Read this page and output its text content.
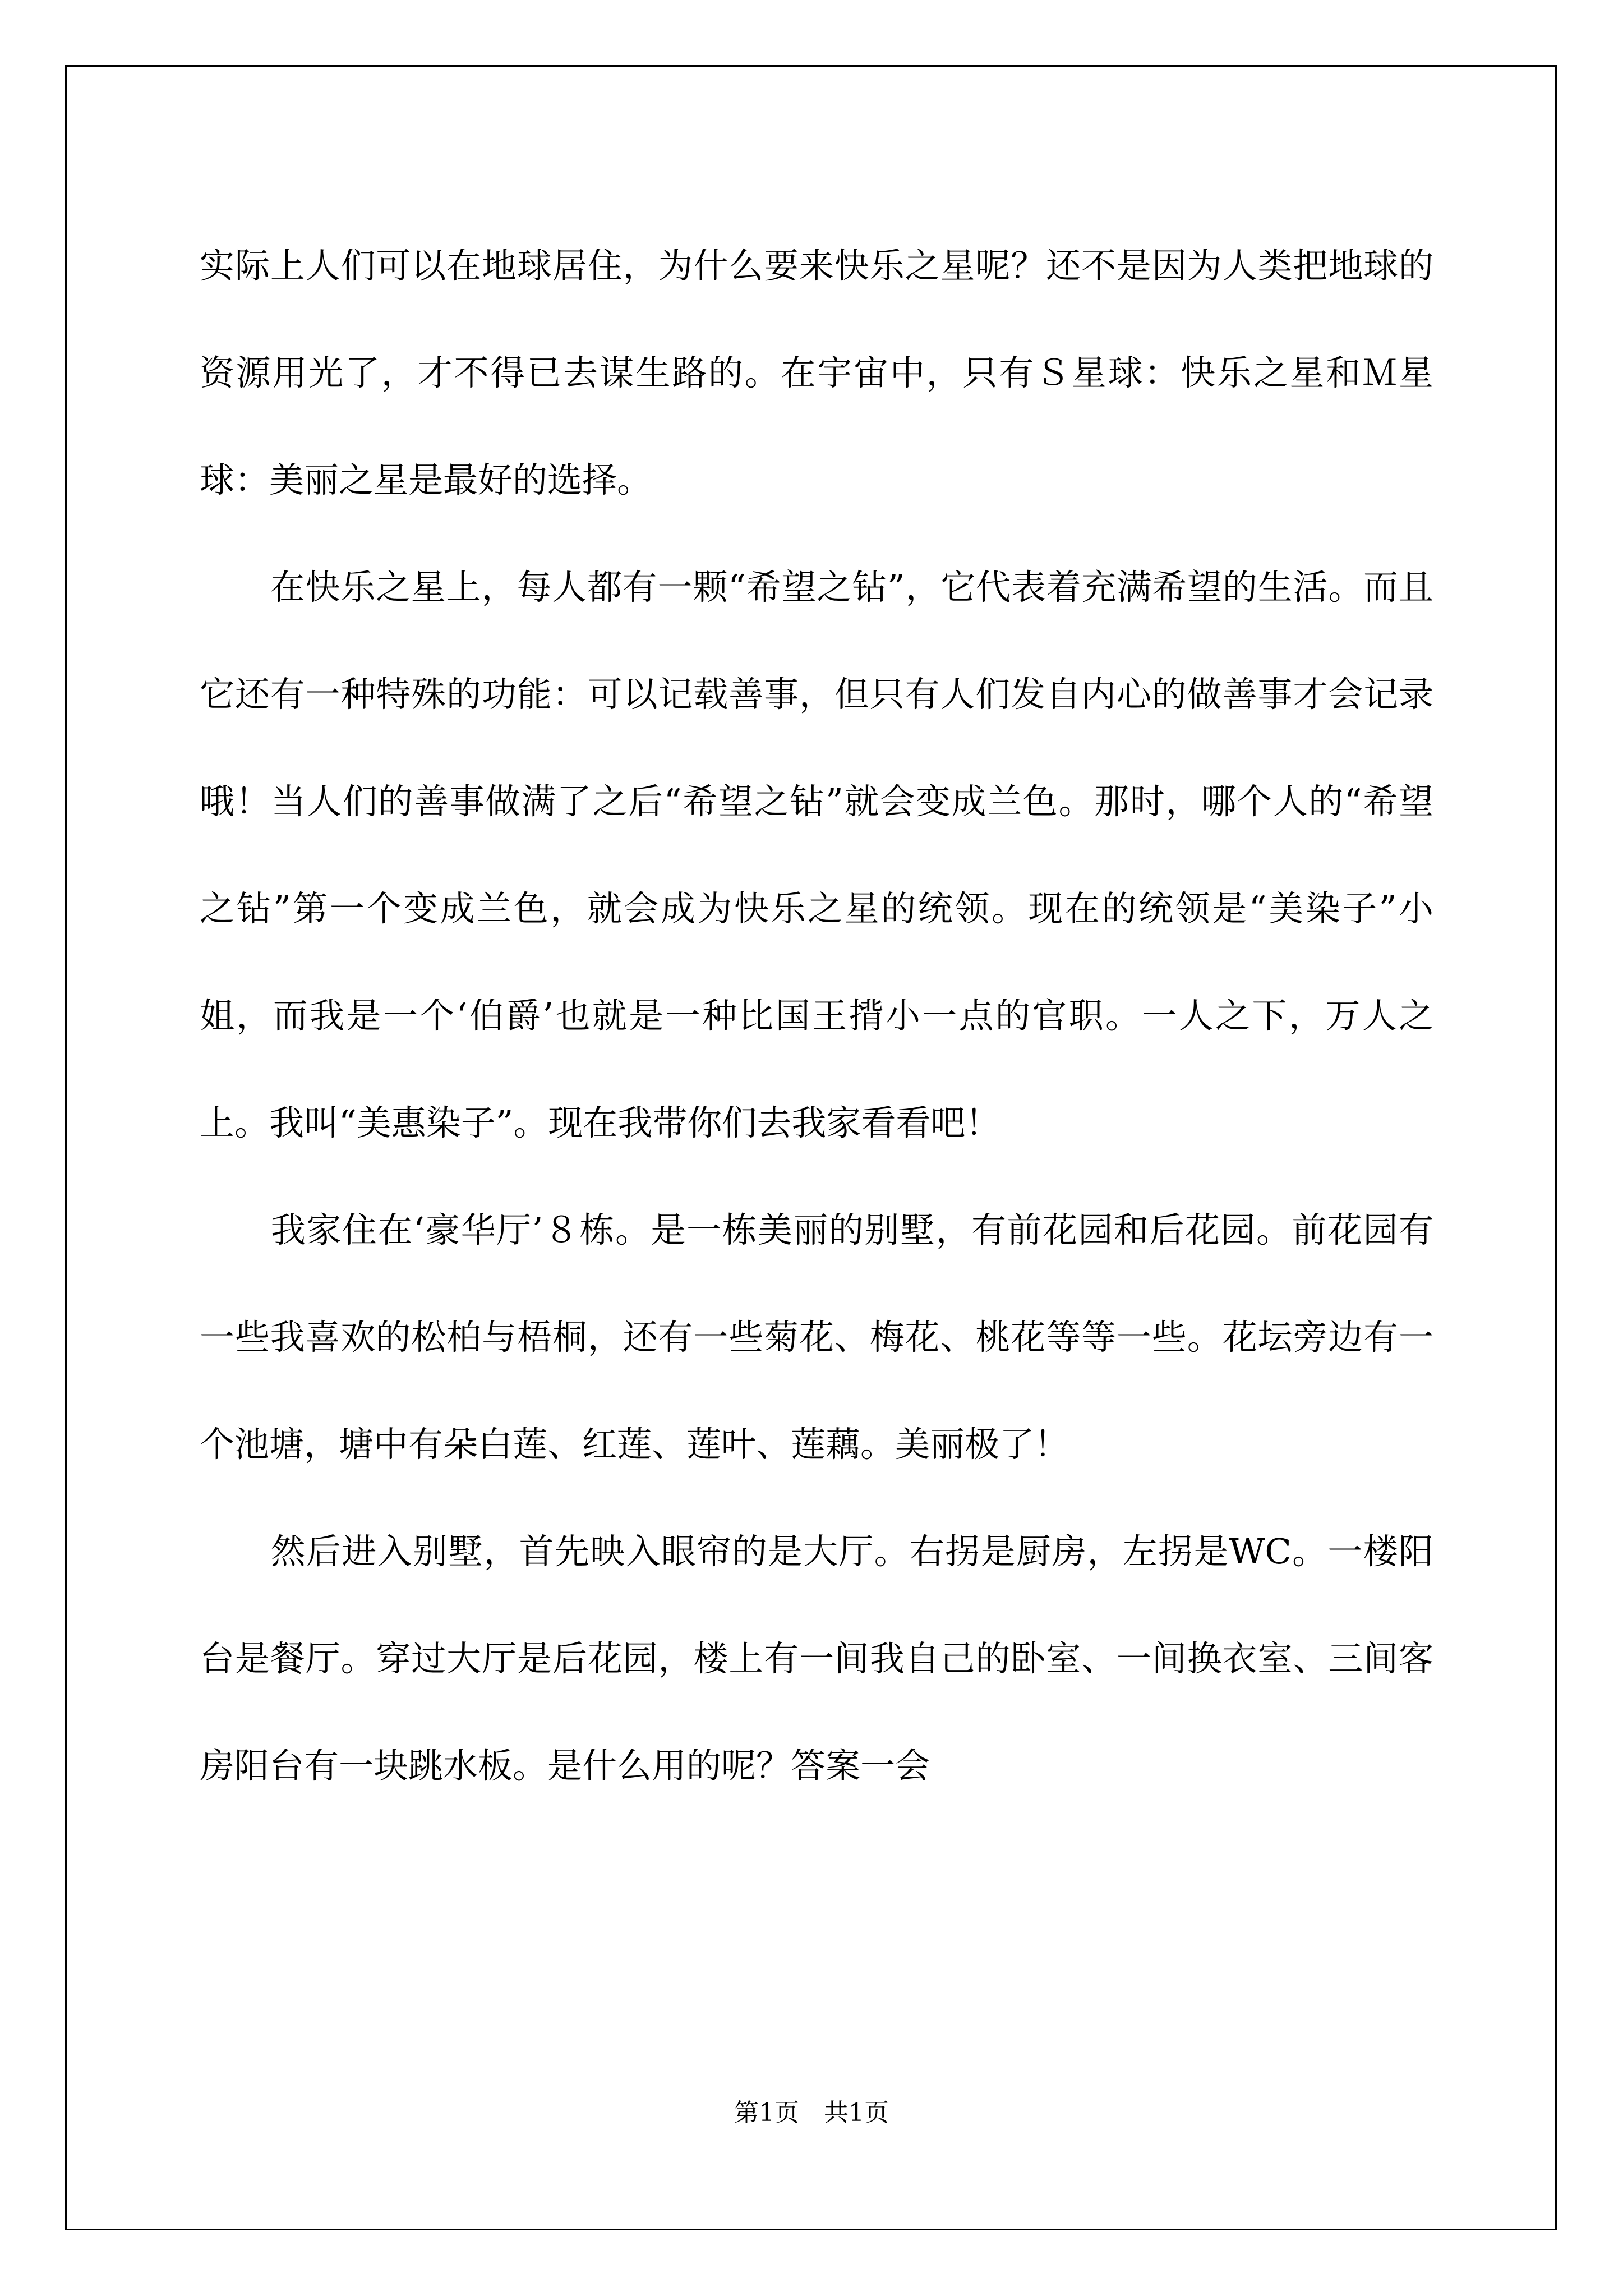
实际上人们可以在地球居住，为什么要来快乐之星呢？还不是因为人类把地球的资源用光了，才不得已去谋生路的。在宇宙中，只有Ｓ星球：快乐之星和Ｍ星球：美丽之星是最好的选择。

　　在快乐之星上，每人都有一颗“希望之钻”，它代表着充满希望的生活。而且它还有一种特殊的功能：可以记载善事，但只有人们发自内心的做善事才会记录哦！当人们的善事做满了之后“希望之钻”就会变成兰色。那时，哪个人的“希望之钻”第一个变成兰色，就会成为快乐之星的统领。现在的统领是“美染子”小姐，而我是一个‘伯爵’也就是一种比国王揹小一点的官职。一人之下，万人之上。我叫“美惠染子”。现在我带你们去我家看看吧！

　　我家住在‘豪华厅’８栋。是一栋美丽的别墅，有前花园和后花园。前花园有一些我喜欢的松柏与梧桐，还有一些菊花、梅花、桃花等等一些。花坛旁边有一个池塘，塘中有朵白莲、红莲、莲叶、莲藕。美丽极了！

　　然后进入别墅，首先映入眼帘的是大厅。右拐是厨房，左拐是WC。一楼阳台是餐厅。穿过大厅是后花园，楼上有一间我自己的卧室、一间换衣室、三间客房阳台有一块跳水板。是什么用的呢？答案一会

第1页　共1页
